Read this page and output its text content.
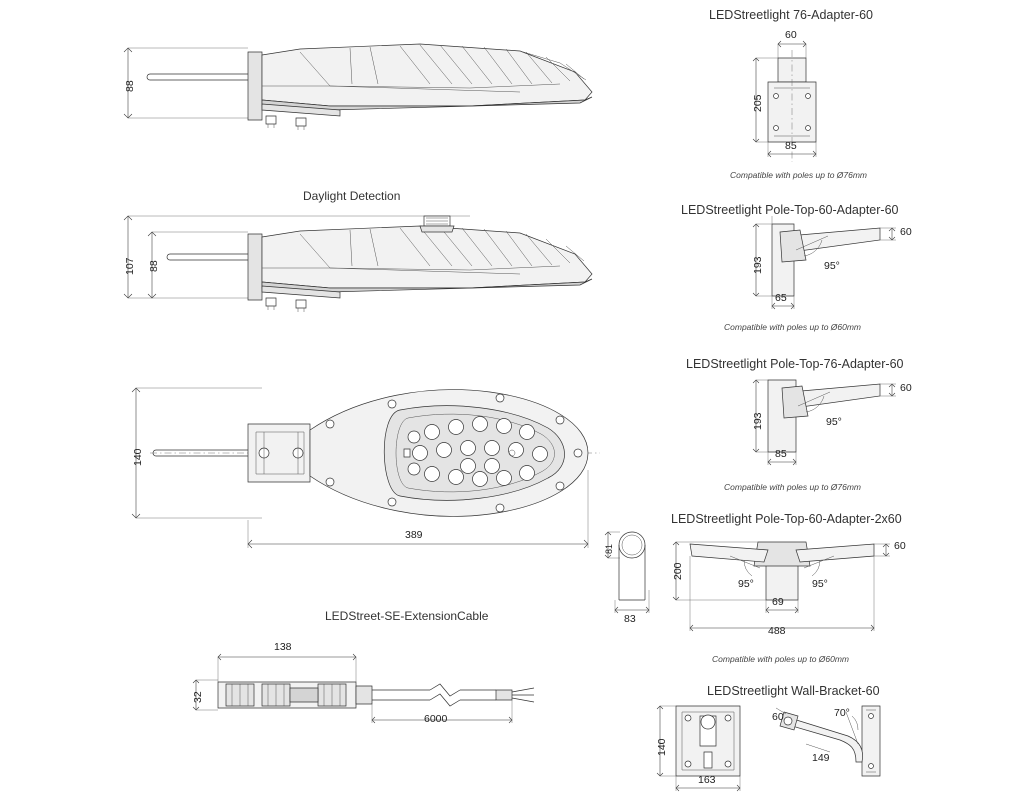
88
Daylight Detection
107 88
140
389
81
83
LEDStreet-SE-ExtensionCable
32
138
6000
LEDStreetlight 76-Adapter-60
60
205
85
Compatible with poles up to Ø76mm
LEDStreetlight Pole-Top-60-Adapter-60
60
193
65
95°
Compatible with poles up to Ø60mm
LEDStreetlight Pole-Top-76-Adapter-60
60
193
85
95°
Compatible with poles up to Ø76mm
LEDStreetlight Pole-Top-60-Adapter-2x60
60
200
95°	95°
69
488
Compatible with poles up to Ø60mm
LEDStreetlight Wall-Bracket-60
140
163
60	70°
149
